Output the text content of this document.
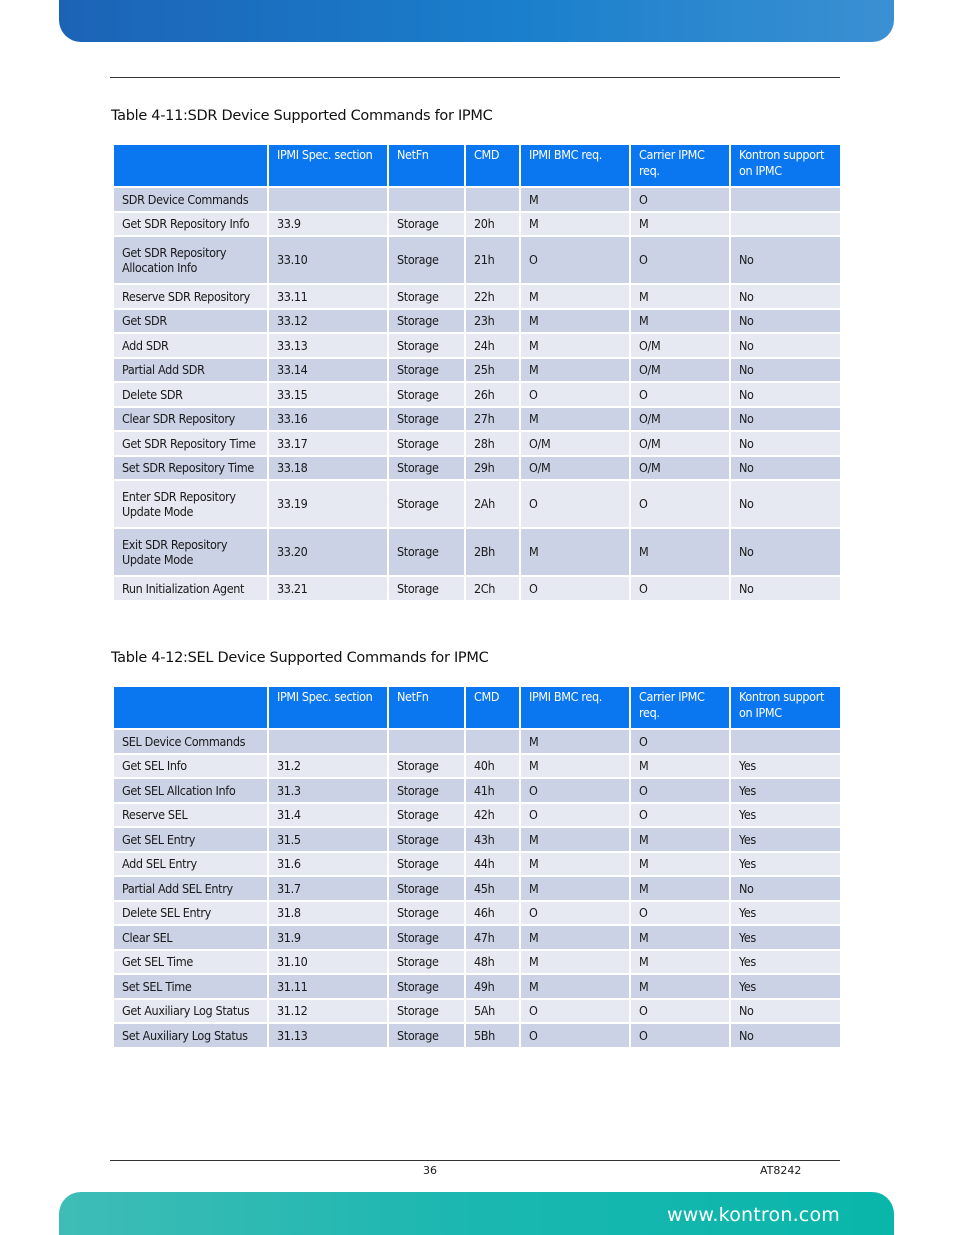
Table 4-11:SDR Device Supported Commands for IPMC
	IPMI Spec. section	NetFn	CMD	IPMI BMC req.	Carrier IPMC req.	Kontron support on IPMC
SDR Device Commands				M	O	
Get SDR Repository Info	33.9	Storage	20h	M	M	
Get SDR Repository Allocation Info	33.10	Storage	21h	O	O	No
Reserve SDR Repository	33.11	Storage	22h	M	M	No
Get SDR	33.12	Storage	23h	M	M	No
Add SDR	33.13	Storage	24h	M	O/M	No
Partial Add SDR	33.14	Storage	25h	M	O/M	No
Delete SDR	33.15	Storage	26h	O	O	No
Clear SDR Repository	33.16	Storage	27h	M	O/M	No
Get SDR Repository Time	33.17	Storage	28h	O/M	O/M	No
Set SDR Repository Time	33.18	Storage	29h	O/M	O/M	No
Enter SDR Repository Update Mode	33.19	Storage	2Ah	O	O	No
Exit SDR Repository Update Mode	33.20	Storage	2Bh	M	M	No
Run Initialization Agent	33.21	Storage	2Ch	O	O	No
Table 4-12:SEL Device Supported Commands for IPMC
	IPMI Spec. section	NetFn	CMD	IPMI BMC req.	Carrier IPMC req.	Kontron support on IPMC
SEL Device Commands				M	O	
Get SEL Info	31.2	Storage	40h	M	M	Yes
Get SEL Allcation Info	31.3	Storage	41h	O	O	Yes
Reserve SEL	31.4	Storage	42h	O	O	Yes
Get SEL Entry	31.5	Storage	43h	M	M	Yes
Add SEL Entry	31.6	Storage	44h	M	M	Yes
Partial Add SEL Entry	31.7	Storage	45h	M	M	No
Delete SEL Entry	31.8	Storage	46h	O	O	Yes
Clear SEL	31.9	Storage	47h	M	M	Yes
Get SEL Time	31.10	Storage	48h	M	M	Yes
Set SEL Time	31.11	Storage	49h	M	M	Yes
Get Auxiliary Log Status	31.12	Storage	5Ah	O	O	No
Set Auxiliary Log Status	31.13	Storage	5Bh	O	O	No
36	AT8242
www.kontron.com
